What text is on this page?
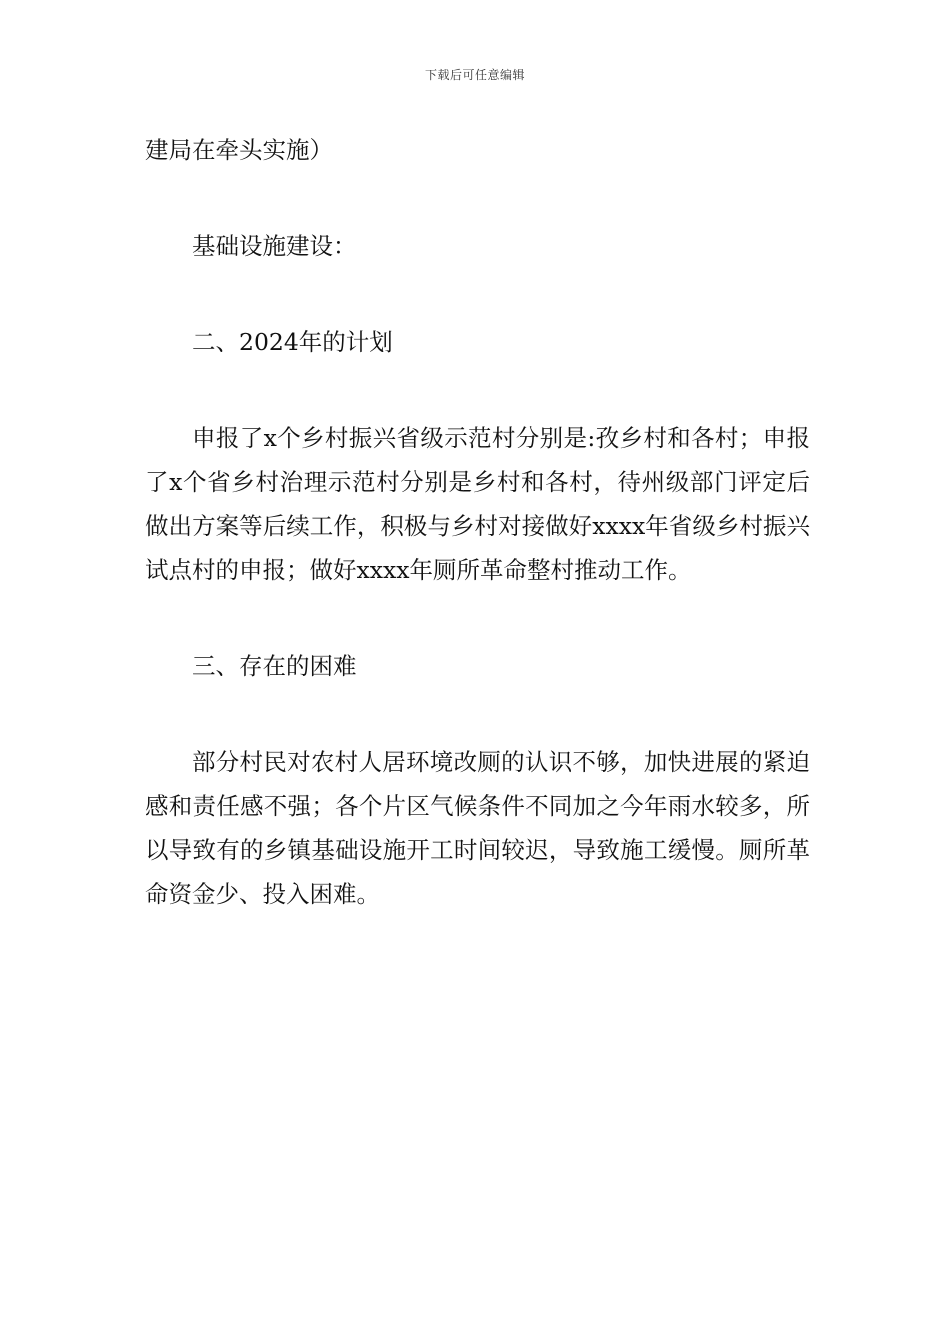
下载后可任意编辑

建局在牵头实施）

基础设施建设：

二、2024年的计划

申报了x个乡村振兴省级示范村分别是:孜乡村和各村；申报了x个省乡村治理示范村分别是乡村和各村，待州级部门评定后做出方案等后续工作，积极与乡村对接做好xxxx年省级乡村振兴试点村的申报；做好xxxx年厕所革命整村推动工作。

三、存在的困难

部分村民对农村人居环境改厕的认识不够，加快进展的紧迫感和责任感不强；各个片区气候条件不同加之今年雨水较多，所以导致有的乡镇基础设施开工时间较迟，导致施工缓慢。厕所革命资金少、投入困难。
